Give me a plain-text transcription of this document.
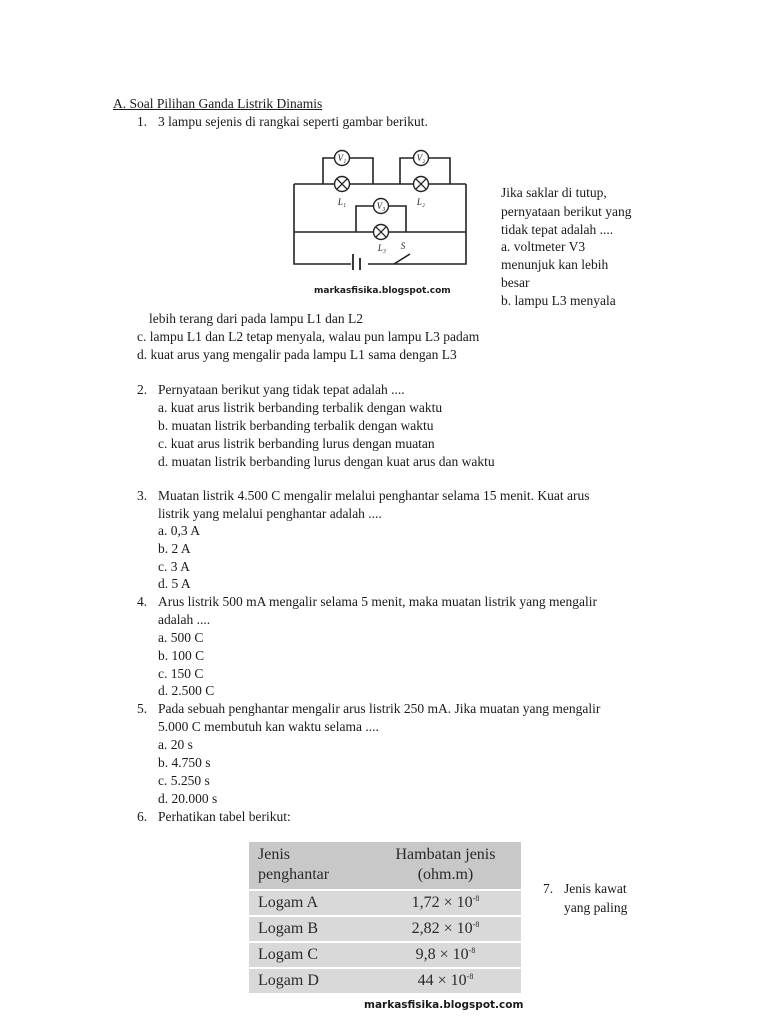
A. Soal Pilihan Ganda Listrik Dinamis
1. 3 lampu sejenis di rangkai seperti gambar berikut.
V₁	V₂
V₃
L₁	L₂
L₃ S
markasfisika.blogspot.com
Jika saklar di tutup,
pernyataan berikut yang
tidak tepat adalah ....
a. voltmeter V3
menunjuk kan lebih
besar
b. lampu L3 menyala
lebih terang dari pada lampu L1 dan L2
c. lampu L1 dan L2 tetap menyala, walau pun lampu L3 padam
d. kuat arus yang mengalir pada lampu L1 sama dengan L3
2. Pernyataan berikut yang tidak tepat adalah ....
a. kuat arus listrik berbanding terbalik dengan waktu
b. muatan listrik berbanding terbalik dengan waktu
c. kuat arus listrik berbanding lurus dengan muatan
d. muatan listrik berbanding lurus dengan kuat arus dan waktu
3. Muatan listrik 4.500 C mengalir melalui penghantar selama 15 menit. Kuat arus
listrik yang melalui penghantar adalah ....
a. 0,3 A
b. 2 A
c. 3 A
d. 5 A
4. Arus listrik 500 mA mengalir selama 5 menit, maka muatan listrik yang mengalir
adalah ....
a. 500 C
b. 100 C
c. 150 C
d. 2.500 C
5. Pada sebuah penghantar mengalir arus listrik 250 mA. Jika muatan yang mengalir
5.000 C membutuh kan waktu selama ....
a. 20 s
b. 4.750 s
c. 5.250 s
d. 20.000 s
6. Perhatikan tabel berikut:
Jenis
penghantar	Hambatan jenis
(ohm.m)
Logam A	$1,72 \times 10^{-8}$
Logam B	$2,82 \times 10^{-8}$
Logam C	$9,8 \times 10^{-8}$
Logam D	$44 \times 10^{-8}$
markasfisika.blogspot.com
7. Jenis kawat
yang paling
